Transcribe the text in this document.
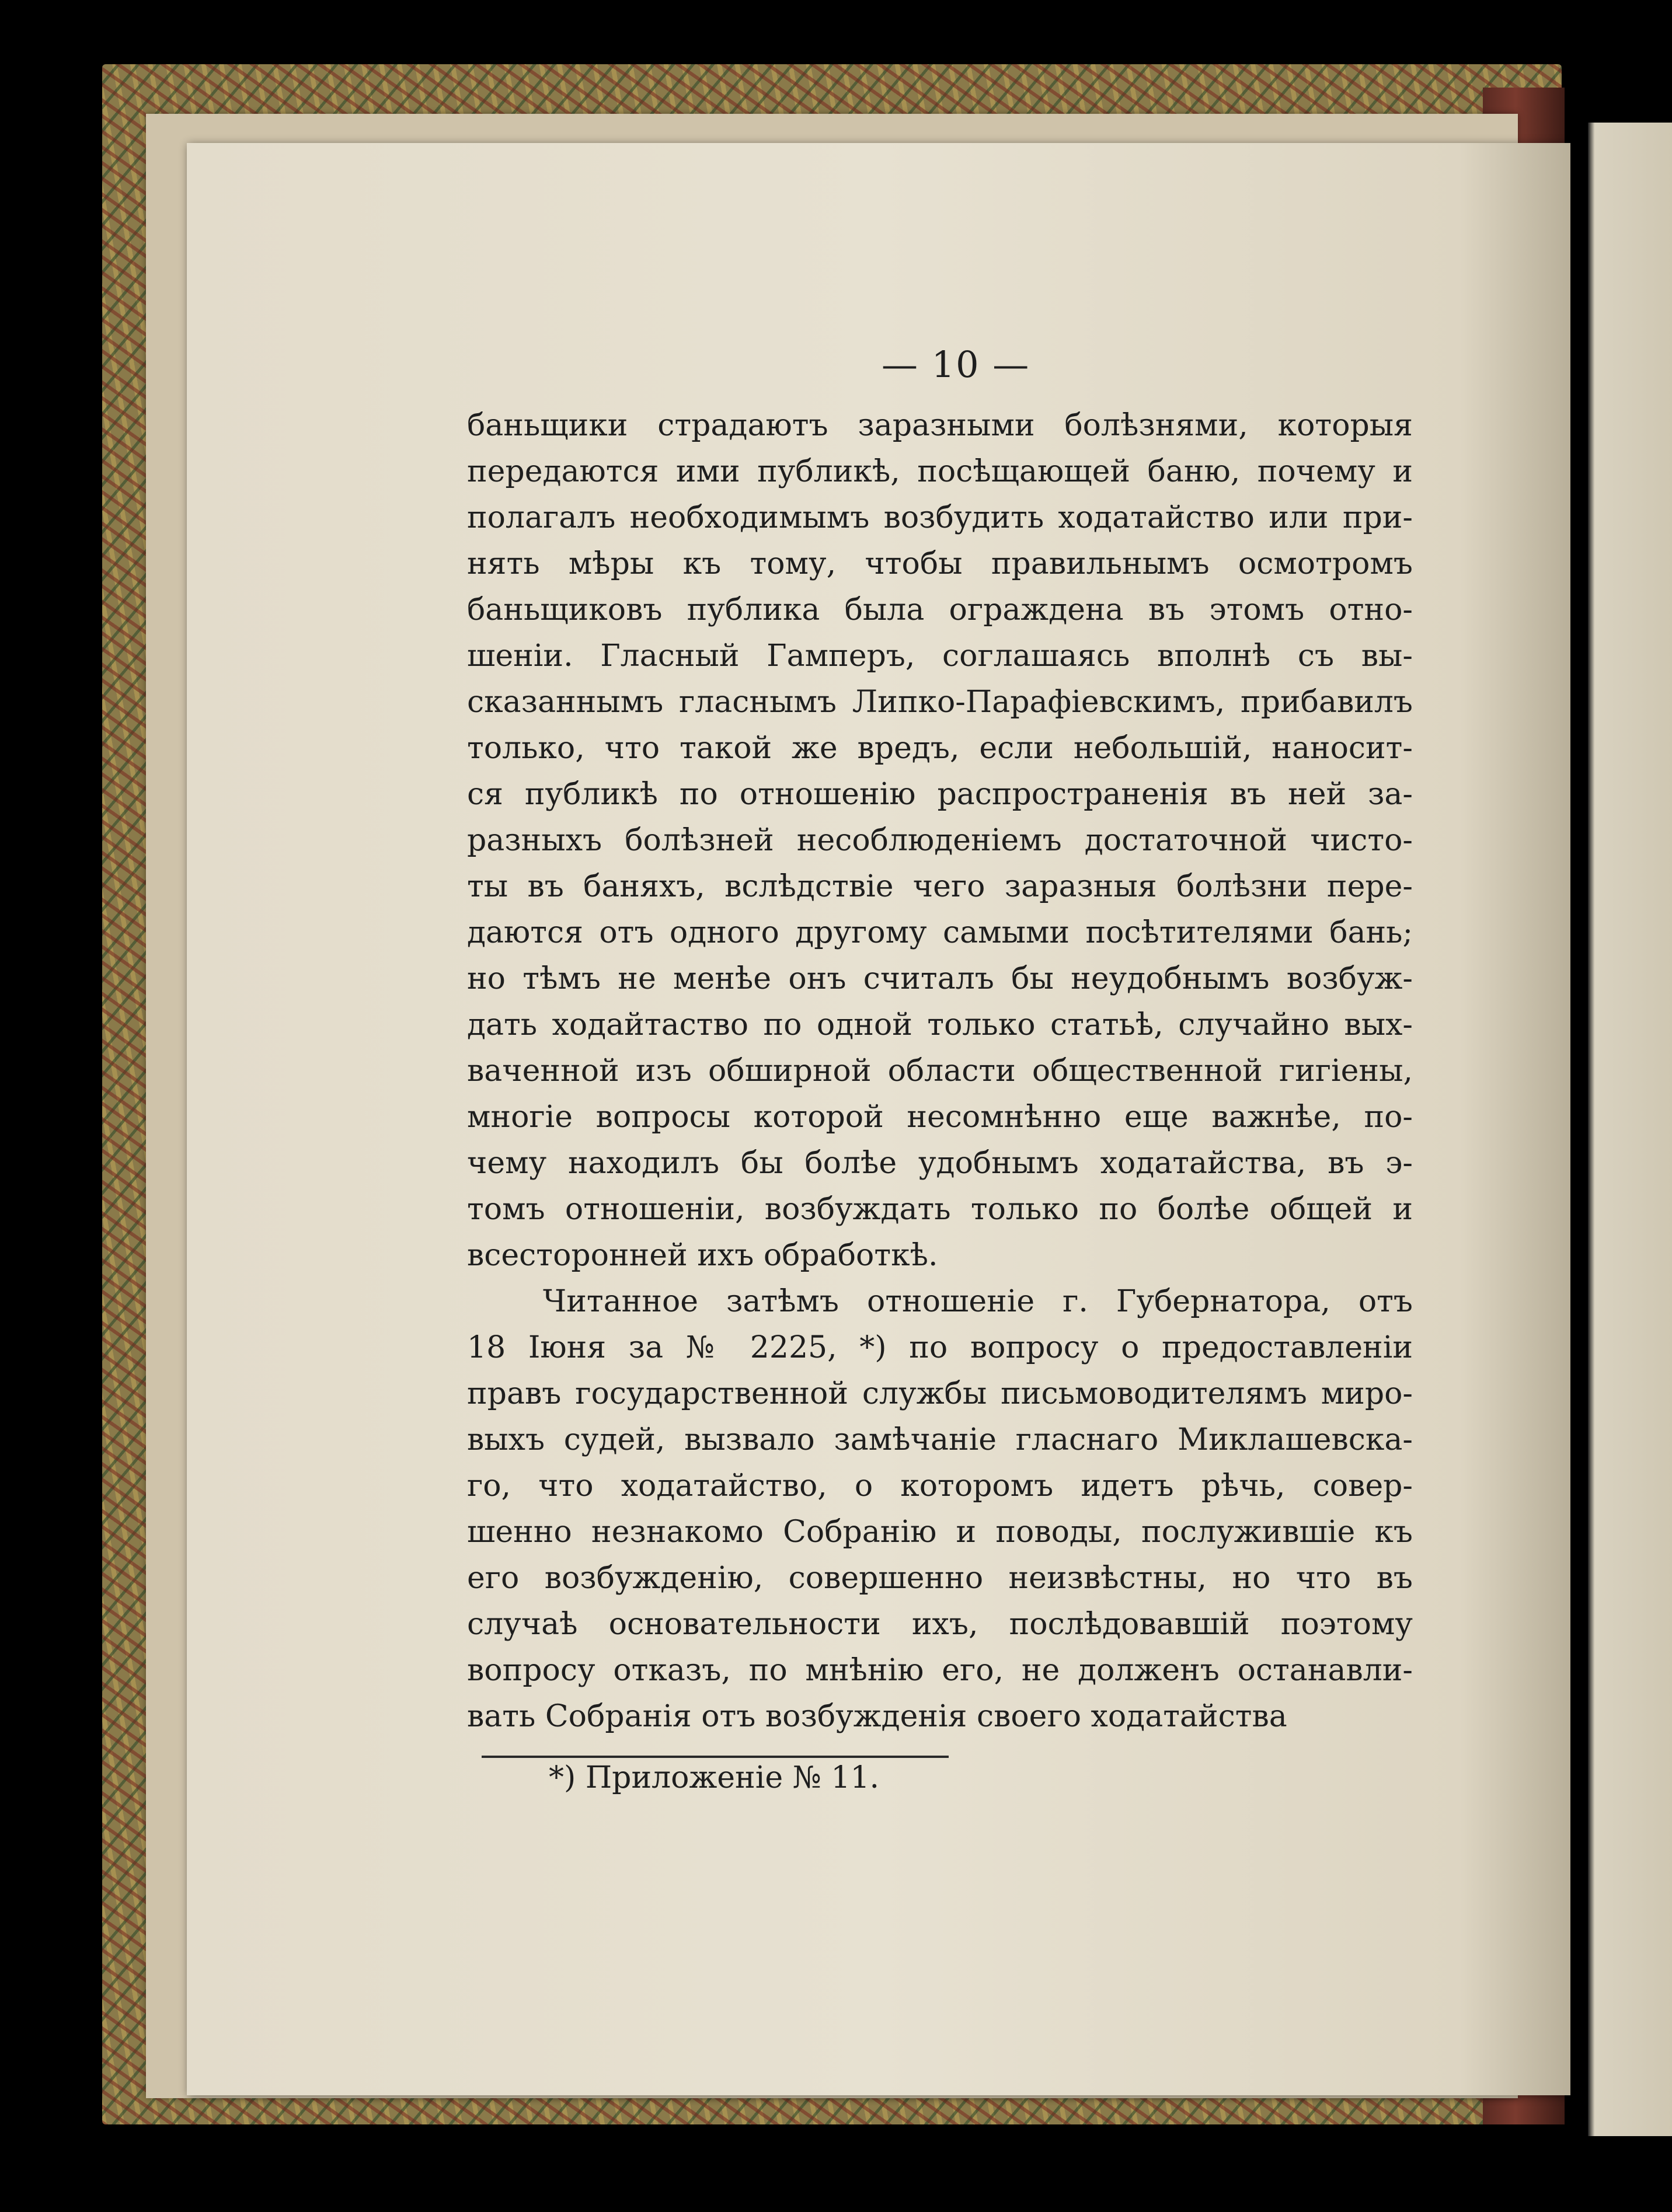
— 10 —
баньщики страдаютъ заразными болѣзнями, которыя
передаются ими публикѣ, посѣщающей баню, почему и
полагалъ необходимымъ возбудить ходатайство или при-
нять мѣры къ тому, чтобы правильнымъ осмотромъ
баньщиковъ публика была ограждена въ этомъ отно-
шеніи. Гласный Гамперъ, соглашаясь вполнѣ съ вы-
сказаннымъ гласнымъ Липко-Парафіевскимъ, прибавилъ
только, что такой же вредъ, если небольшій, наносит-
ся публикѣ по отношенію распространенія въ ней за-
разныхъ болѣзней несоблюденіемъ достаточной чисто-
ты въ баняхъ, вслѣдствіе чего заразныя болѣзни пере-
даются отъ одного другому самыми посѣтителями бань;
но тѣмъ не менѣе онъ считалъ бы неудобнымъ возбуж-
дать ходайтаство по одной только статьѣ, случайно вых-
ваченной изъ обширной области общественной гигіены,
многіе вопросы которой несомнѣнно еще важнѣе, по-
чему находилъ бы болѣе удобнымъ ходатайства, въ э-
томъ отношеніи, возбуждать только по болѣе общей и
всесторонней ихъ обработкѣ.
Читанное затѣмъ отношеніе г. Губернатора, отъ
18 Іюня за № 2225, *) по вопросу о предоставленіи
правъ государственной службы письмоводителямъ миро-
выхъ судей, вызвало замѣчаніе гласнаго Миклашевска-
го, что ходатайство, о которомъ идетъ рѣчь, совер-
шенно незнакомо Собранію и поводы, послужившіе къ
его возбужденію, совершенно неизвѣстны, но что въ
случаѣ основательности ихъ, послѣдовавшій поэтому
вопросу отказъ, по мнѣнію его, не долженъ останавли-
вать Собранія отъ возбужденія своего ходатайства
*) Приложеніе № 11.
